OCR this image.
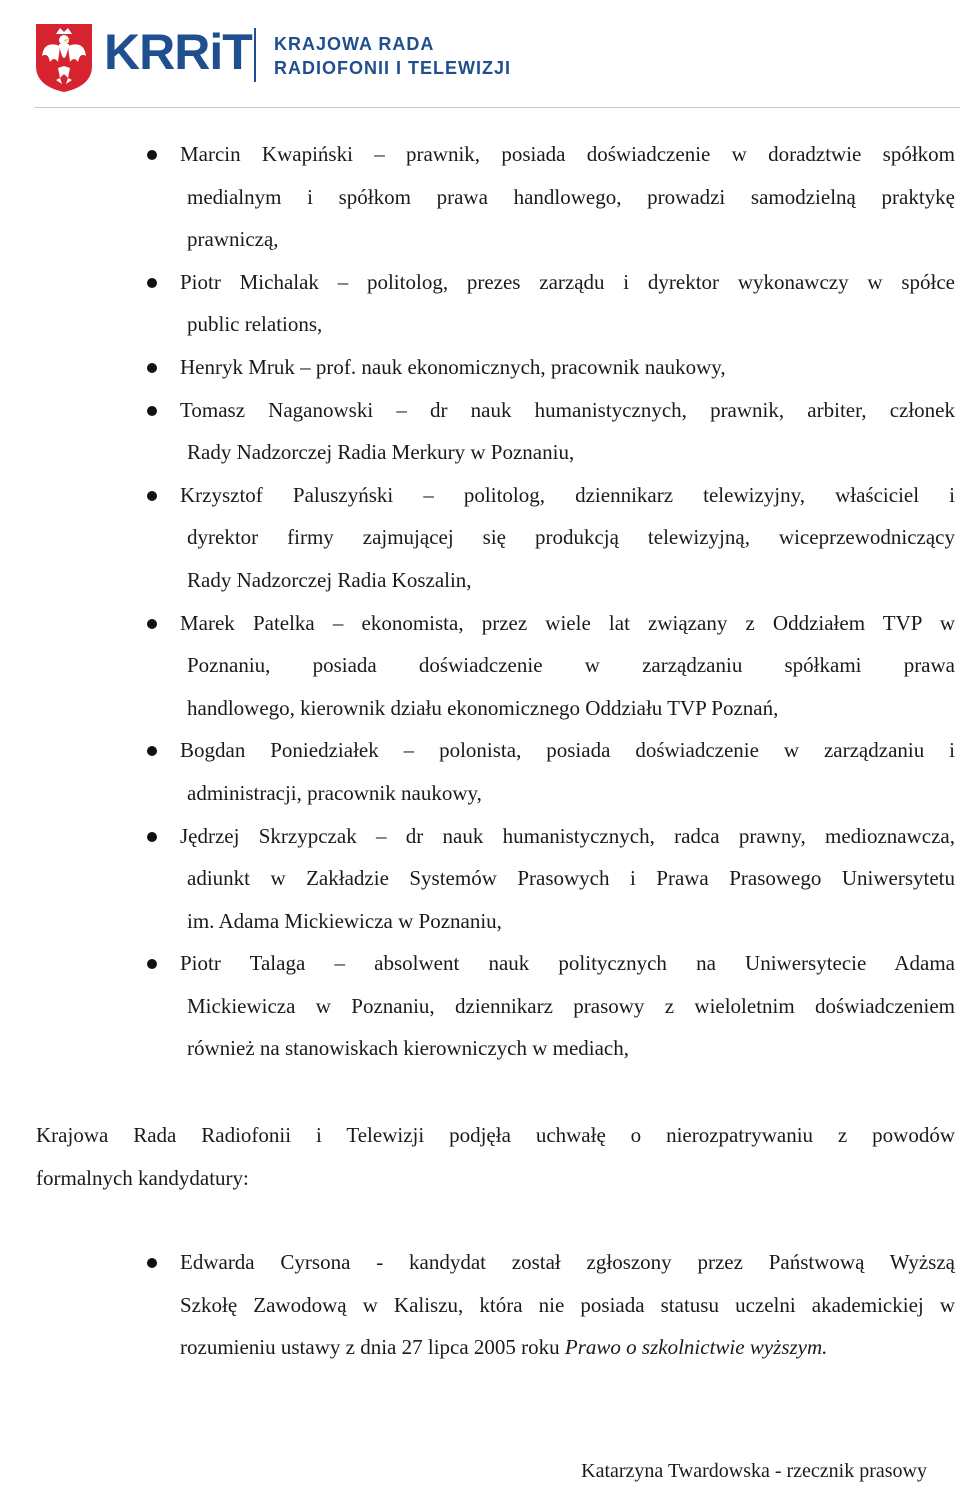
KRRiT KRAJOWA RADA
RADIOFONII I TELEWIZJI
Marcin Kwapiński – prawnik, posiada doświadczenie w doradztwie spółkom
medialnym i spółkom prawa handlowego, prowadzi samodzielną praktykę
prawniczą,
Piotr Michalak – politolog, prezes zarządu i dyrektor wykonawczy w spółce
public relations,
Henryk Mruk – prof. nauk ekonomicznych, pracownik naukowy,
Tomasz Naganowski – dr nauk humanistycznych, prawnik, arbiter, członek
Rady Nadzorczej Radia Merkury w Poznaniu,
Krzysztof Paluszyński – politolog, dziennikarz telewizyjny, właściciel i
dyrektor firmy zajmującej się produkcją telewizyjną, wiceprzewodniczący
Rady Nadzorczej Radia Koszalin,
Marek Patelka – ekonomista, przez wiele lat związany z Oddziałem TVP w
Poznaniu, posiada doświadczenie w zarządzaniu spółkami prawa
handlowego, kierownik działu ekonomicznego Oddziału TVP Poznań,
Bogdan Poniedziałek – polonista, posiada doświadczenie w zarządzaniu i
administracji, pracownik naukowy,
Jędrzej Skrzypczak – dr nauk humanistycznych, radca prawny, medioznawcza,
adiunkt w Zakładzie Systemów Prasowych i Prawa Prasowego Uniwersytetu
im. Adama Mickiewicza w Poznaniu,
Piotr Talaga – absolwent nauk politycznych na Uniwersytecie Adama
Mickiewicza w Poznaniu, dziennikarz prasowy z wieloletnim doświadczeniem
również na stanowiskach kierowniczych w mediach,
Krajowa Rada Radiofonii i Telewizji podjęła uchwałę o nierozpatrywaniu z powodów
formalnych kandydatury:
Edwarda Cyrsona - kandydat został zgłoszony przez Państwową Wyższą
Szkołę Zawodową w Kaliszu, która nie posiada statusu uczelni akademickiej w
rozumieniu ustawy z dnia 27 lipca 2005 roku Prawo o szkolnictwie wyższym.
Katarzyna Twardowska - rzecznik prasowy
